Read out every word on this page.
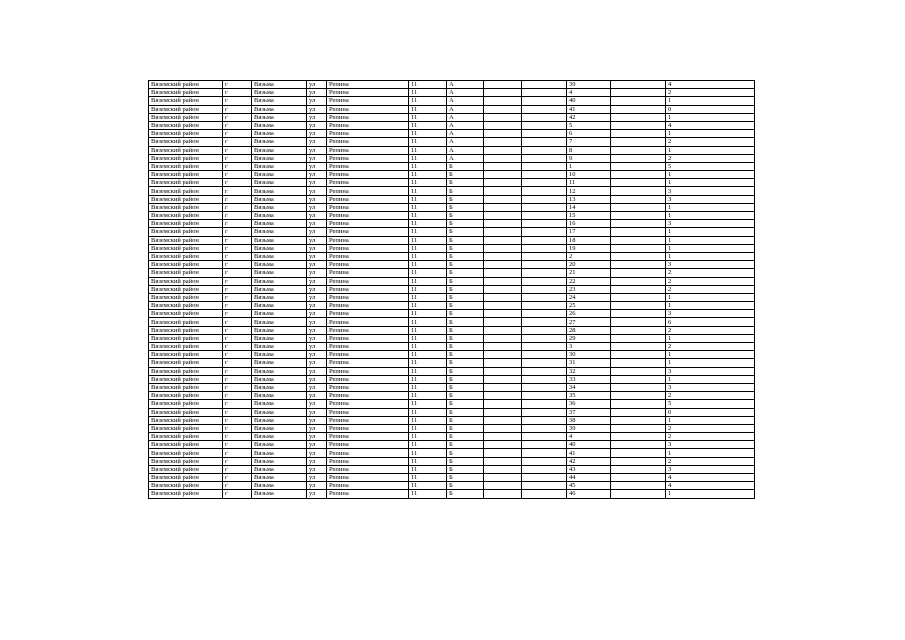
Вяземский район	г	Вязьма	ул	Репина	11	А			39		4
Вяземский район	г	Вязьма	ул	Репина	11	А			4		2
Вяземский район	г	Вязьма	ул	Репина	11	А			40		1
Вяземский район	г	Вязьма	ул	Репина	11	А			41		0
Вяземский район	г	Вязьма	ул	Репина	11	А			42		1
Вяземский район	г	Вязьма	ул	Репина	11	А			5		4
Вяземский район	г	Вязьма	ул	Репина	11	А			6		1
Вяземский район	г	Вязьма	ул	Репина	11	А			7		2
Вяземский район	г	Вязьма	ул	Репина	11	А			8		1
Вяземский район	г	Вязьма	ул	Репина	11	А			9		2
Вяземский район	г	Вязьма	ул	Репина	11	Б			1		5
Вяземский район	г	Вязьма	ул	Репина	11	Б			10		1
Вяземский район	г	Вязьма	ул	Репина	11	Б			11		1
Вяземский район	г	Вязьма	ул	Репина	11	Б			12		3
Вяземский район	г	Вязьма	ул	Репина	11	Б			13		3
Вяземский район	г	Вязьма	ул	Репина	11	Б			14		1
Вяземский район	г	Вязьма	ул	Репина	11	Б			15		1
Вяземский район	г	Вязьма	ул	Репина	11	Б			16		3
Вяземский район	г	Вязьма	ул	Репина	11	Б			17		1
Вяземский район	г	Вязьма	ул	Репина	11	Б			18		1
Вяземский район	г	Вязьма	ул	Репина	11	Б			19		1
Вяземский район	г	Вязьма	ул	Репина	11	Б			2		1
Вяземский район	г	Вязьма	ул	Репина	11	Б			20		3
Вяземский район	г	Вязьма	ул	Репина	11	Б			21		2
Вяземский район	г	Вязьма	ул	Репина	11	Б			22		2
Вяземский район	г	Вязьма	ул	Репина	11	Б			23		2
Вяземский район	г	Вязьма	ул	Репина	11	Б			24		1
Вяземский район	г	Вязьма	ул	Репина	11	Б			25		1
Вяземский район	г	Вязьма	ул	Репина	11	Б			26		3
Вяземский район	г	Вязьма	ул	Репина	11	Б			27		6
Вяземский район	г	Вязьма	ул	Репина	11	Б			28		2
Вяземский район	г	Вязьма	ул	Репина	11	Б			29		1
Вяземский район	г	Вязьма	ул	Репина	11	Б			3		2
Вяземский район	г	Вязьма	ул	Репина	11	Б			30		1
Вяземский район	г	Вязьма	ул	Репина	11	Б			31		1
Вяземский район	г	Вязьма	ул	Репина	11	Б			32		3
Вяземский район	г	Вязьма	ул	Репина	11	Б			33		1
Вяземский район	г	Вязьма	ул	Репина	11	Б			34		3
Вяземский район	г	Вязьма	ул	Репина	11	Б			35		2
Вяземский район	г	Вязьма	ул	Репина	11	Б			36		5
Вяземский район	г	Вязьма	ул	Репина	11	Б			37		0
Вяземский район	г	Вязьма	ул	Репина	11	Б			38		1
Вяземский район	г	Вязьма	ул	Репина	11	Б			39		2
Вяземский район	г	Вязьма	ул	Репина	11	Б			4		2
Вяземский район	г	Вязьма	ул	Репина	11	Б			40		3
Вяземский район	г	Вязьма	ул	Репина	11	Б			41		1
Вяземский район	г	Вязьма	ул	Репина	11	Б			42		2
Вяземский район	г	Вязьма	ул	Репина	11	Б			43		3
Вяземский район	г	Вязьма	ул	Репина	11	Б			44		4
Вяземский район	г	Вязьма	ул	Репина	11	Б			45		4
Вяземский район	г	Вязьма	ул	Репина	11	Б			46		1
